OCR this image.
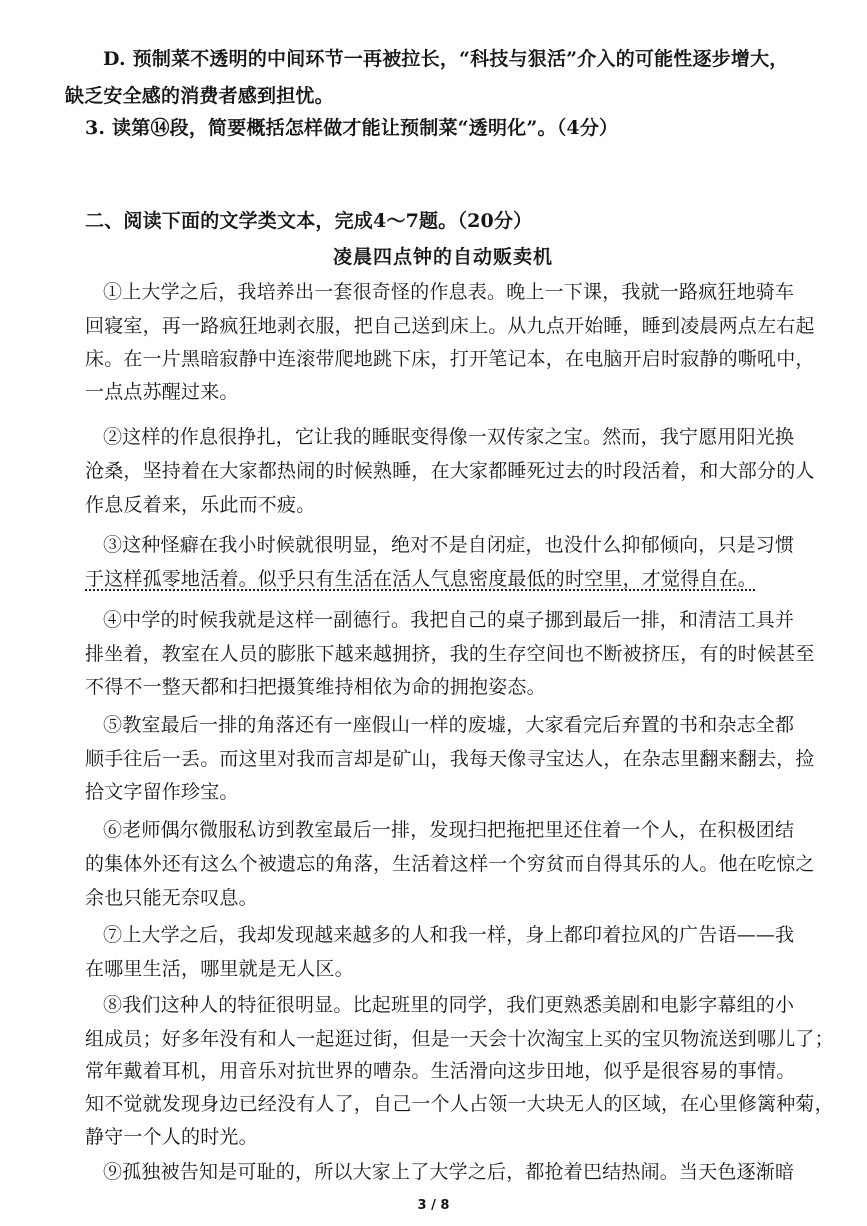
D. 预制菜不透明的中间环节一再被拉长，“科技与狠活”介入的可能性逐步增大，
缺乏安全感的消费者感到担忧。
3. 读第⑭段，简要概括怎样做才能让预制菜“透明化”。（4分）
二、阅读下面的文学类文本，完成4～7题。（20分）
凌晨四点钟的自动贩卖机
①上大学之后，我培养出一套很奇怪的作息表。晚上一下课，我就一路疯狂地骑车
回寝室，再一路疯狂地剥衣服，把自己送到床上。从九点开始睡，睡到凌晨两点左右起
床。在一片黑暗寂静中连滚带爬地跳下床，打开笔记本，在电脑开启时寂静的嘶吼中，
一点点苏醒过来。
②这样的作息很挣扎，它让我的睡眠变得像一双传家之宝。然而，我宁愿用阳光换
沧桑，坚持着在大家都热闹的时候熟睡，在大家都睡死过去的时段活着，和大部分的人
作息反着来，乐此而不疲。
③这种怪癖在我小时候就很明显，绝对不是自闭症，也没什么抑郁倾向，只是习惯
于这样孤零地活着。似乎只有生活在活人气息密度最低的时空里，才觉得自在。
④中学的时候我就是这样一副德行。我把自己的桌子挪到最后一排，和清洁工具并
排坐着，教室在人员的膨胀下越来越拥挤，我的生存空间也不断被挤压，有的时候甚至
不得不一整天都和扫把摄箕维持相依为命的拥抱姿态。
⑤教室最后一排的角落还有一座假山一样的废墟，大家看完后弃置的书和杂志全都
顺手往后一丢。而这里对我而言却是矿山，我每天像寻宝达人，在杂志里翻来翻去，捡
拾文字留作珍宝。
⑥老师偶尔微服私访到教室最后一排，发现扫把拖把里还住着一个人，在积极团结
的集体外还有这么个被遗忘的角落，生活着这样一个穷贫而自得其乐的人。他在吃惊之
余也只能无奈叹息。
⑦上大学之后，我却发现越来越多的人和我一样，身上都印着拉风的广告语——我
在哪里生活，哪里就是无人区。
⑧我们这种人的特征很明显。比起班里的同学，我们更熟悉美剧和电影字幕组的小
组成员；好多年没有和人一起逛过街，但是一天会十次淘宝上买的宝贝物流送到哪儿了；
常年戴着耳机，用音乐对抗世界的嘈杂。生活滑向这步田地，似乎是很容易的事情。
知不觉就发现身边已经没有人了，自己一个人占领一大块无人的区域，在心里修篱种菊，
静守一个人的时光。
⑨孤独被告知是可耻的，所以大家上了大学之后，都抢着巴结热闹。当天色逐渐暗
3 / 8
